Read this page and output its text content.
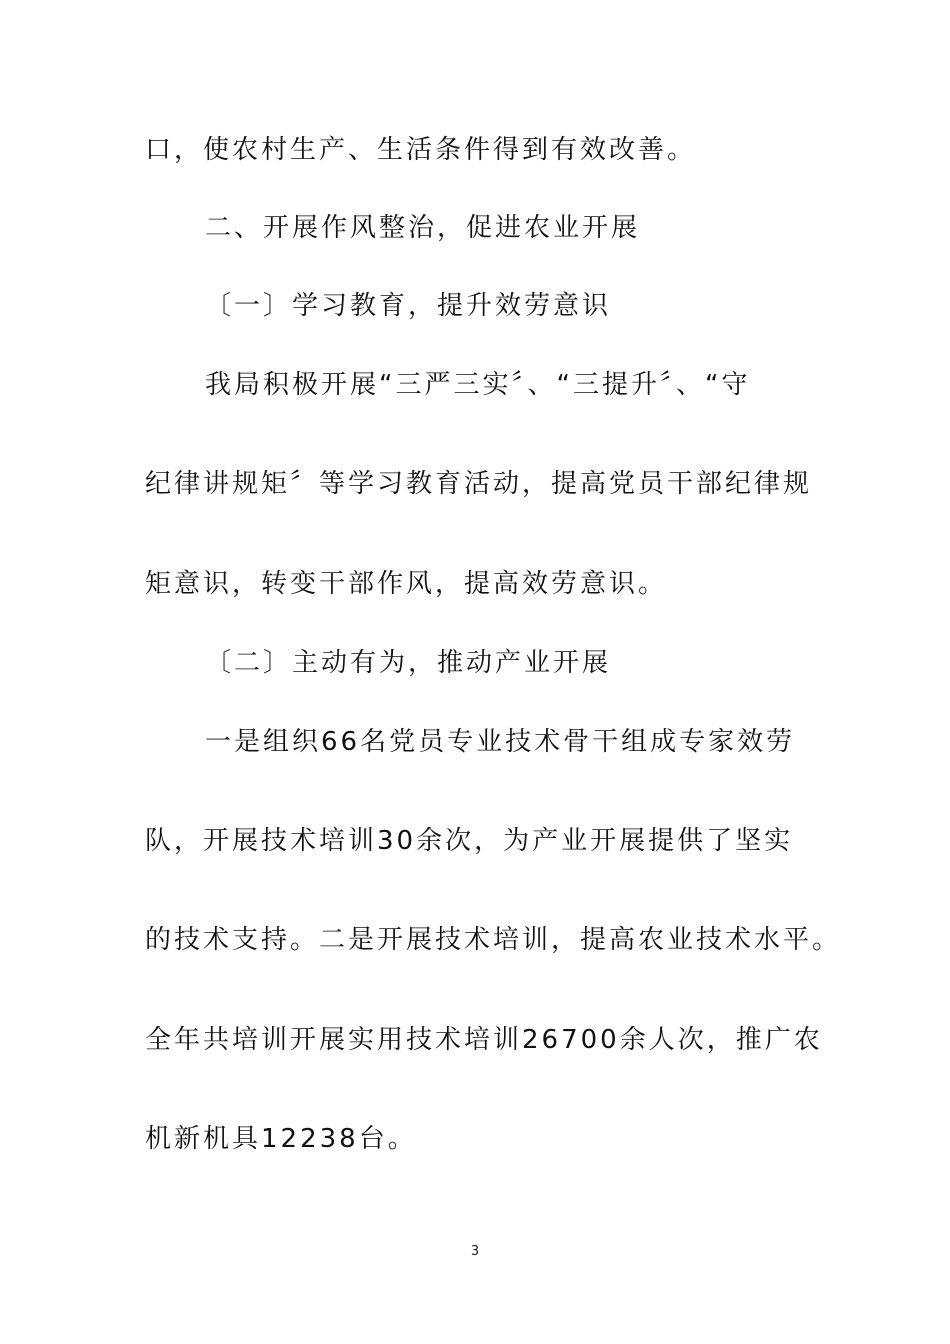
口，使农村生产、生活条件得到有效改善。
二、开展作风整治，促进农业开展
〔一〕学习教育，提升效劳意识
我局积极开展“三严三实〞、“三提升〞、“守
纪律讲规矩〞等学习教育活动，提高党员干部纪律规
矩意识，转变干部作风，提高效劳意识。
〔二〕主动有为，推动产业开展
一是组织66名党员专业技术骨干组成专家效劳
队，开展技术培训30余次，为产业开展提供了坚实
的技术支持。二是开展技术培训，提高农业技术水平。
全年共培训开展实用技术培训26700余人次，推广农
机新机具12238台。
3
